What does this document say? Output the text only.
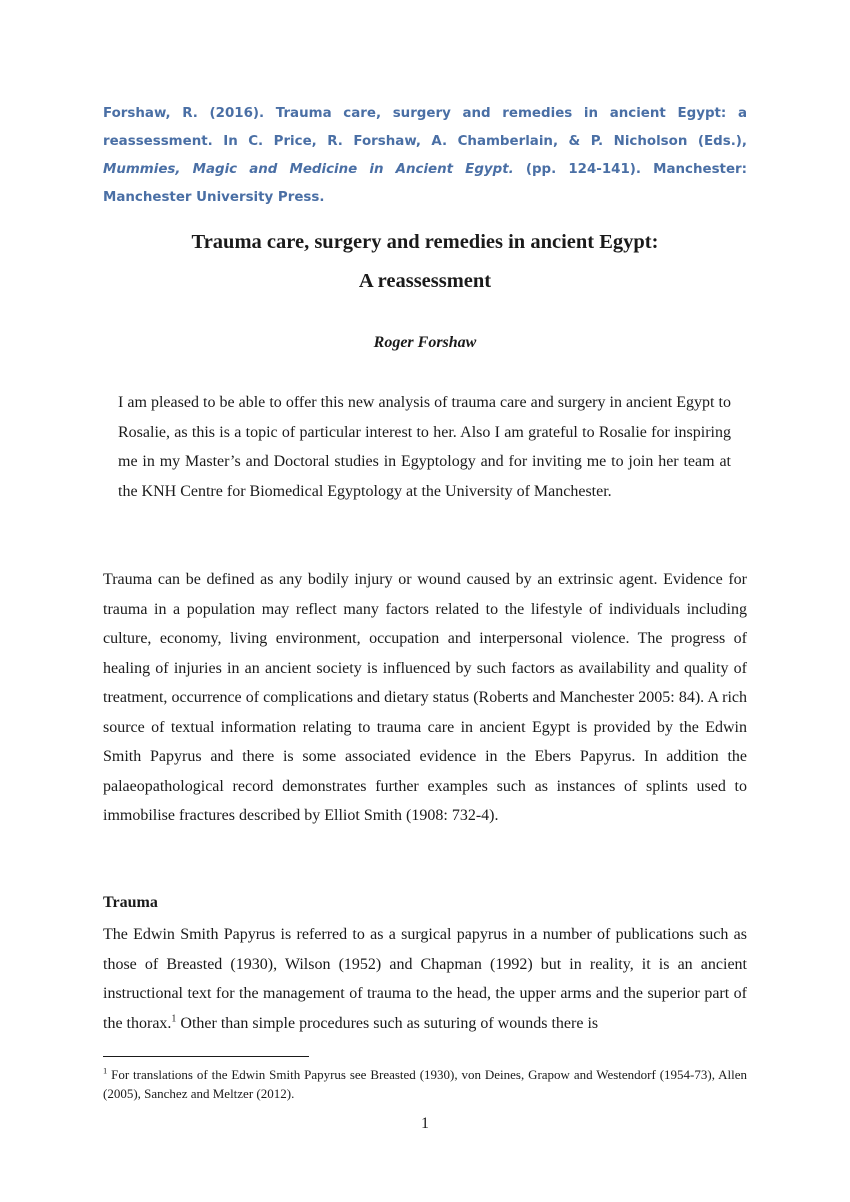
Forshaw, R. (2016). Trauma care, surgery and remedies in ancient Egypt: a reassessment. In C. Price, R. Forshaw, A. Chamberlain, & P. Nicholson (Eds.), Mummies, Magic and Medicine in Ancient Egypt. (pp. 124-141). Manchester: Manchester University Press.
Trauma care, surgery and remedies in ancient Egypt:
A reassessment
Roger Forshaw
I am pleased to be able to offer this new analysis of trauma care and surgery in ancient Egypt to Rosalie, as this is a topic of particular interest to her. Also I am grateful to Rosalie for inspiring me in my Master’s and Doctoral studies in Egyptology and for inviting me to join her team at the KNH Centre for Biomedical Egyptology at the University of Manchester.
Trauma can be defined as any bodily injury or wound caused by an extrinsic agent. Evidence for trauma in a population may reflect many factors related to the lifestyle of individuals including culture, economy, living environment, occupation and interpersonal violence. The progress of healing of injuries in an ancient society is influenced by such factors as availability and quality of treatment, occurrence of complications and dietary status (Roberts and Manchester 2005: 84). A rich source of textual information relating to trauma care in ancient Egypt is provided by the Edwin Smith Papyrus and there is some associated evidence in the Ebers Papyrus. In addition the palaeopathological record demonstrates further examples such as instances of splints used to immobilise fractures described by Elliot Smith (1908: 732-4).
Trauma
The Edwin Smith Papyrus is referred to as a surgical papyrus in a number of publications such as those of Breasted (1930), Wilson (1952) and Chapman (1992) but in reality, it is an ancient instructional text for the management of trauma to the head, the upper arms and the superior part of the thorax.$^1$ Other than simple procedures such as suturing of wounds there is
$^1$ For translations of the Edwin Smith Papyrus see Breasted (1930), von Deines, Grapow and Westendorf (1954-73), Allen (2005), Sanchez and Meltzer (2012).
1
